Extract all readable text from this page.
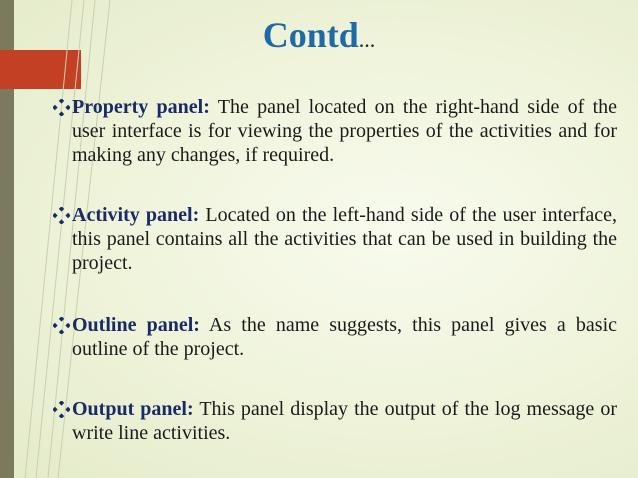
Contd...

Property panel: The panel located on the right-hand side of the user interface is for viewing the properties of the activities and for making any changes, if required.

Activity panel: Located on the left-hand side of the user interface, this panel contains all the activities that can be used in building the project.

Outline panel: As the name suggests, this panel gives a basic outline of the project.

Output panel: This panel display the output of the log message or write line activities.
